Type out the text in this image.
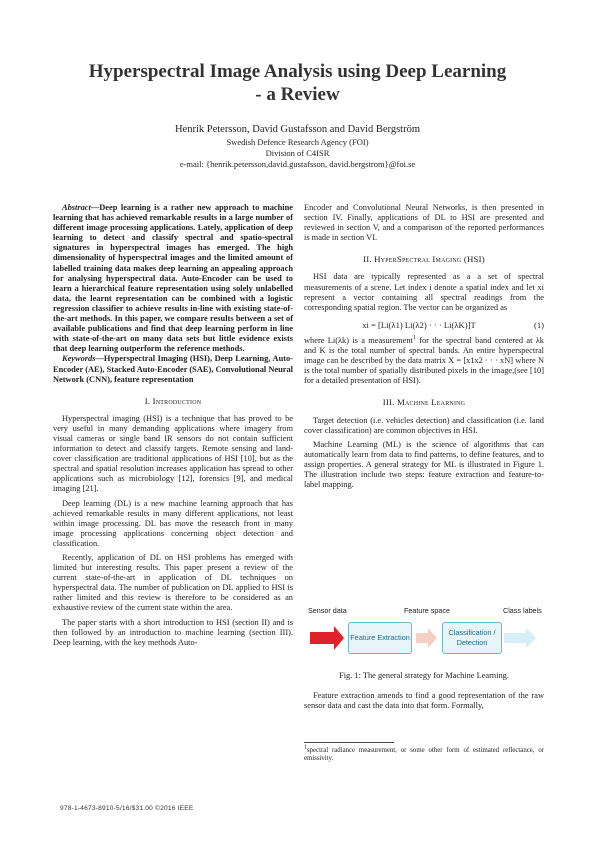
Hyperspectral Image Analysis using Deep Learning
- a Review
Henrik Petersson, David Gustafsson and David Bergström
Swedish Defence Research Agency (FOI)
Division of C4ISR
e-mail: {henrik.petersson,david.gustafsson, david.bergstrom}@foi.se

Abstract—Deep learning is a rather new approach to machine learning that has achieved remarkable results in a large number of different image processing applications. Lately, application of deep learning to detect and classify spectral and spatio-spectral signatures in hyperspectral images has emerged. The high dimensionality of hyperspectral images and the limited amount of labelled training data makes deep learning an appealing approach for analysing hyperspectral data. Auto-Encoder can be used to learn a hierarchical feature representation using solely unlabelled data, the learnt representation can be combined with a logistic regression classifier to achieve results in-line with existing state-of-the-art methods. In this paper, we compare results between a set of available publications and find that deep learning perform in line with state-of-the-art on many data sets but little evidence exists that deep learning outperform the reference methods.

Keywords—Hyperspectral Imaging (HSI), Deep Learning, Auto-Encoder (AE), Stacked Auto-Encoder (SAE), Convolutional Neural Network (CNN), feature representation

I. Introduction

Hyperspectral imaging (HSI) is a technique that has proved to be very useful in many demanding applications where imagery from visual cameras or single band IR sensors do not contain sufficient information to detect and classify targets. Remote sensing and land-cover classification are traditional applications of HSI [10], but as the spectral and spatial resolution increases application has spread to other applications such as microbiology [12], forensics [9], and medical imaging [21].

Deep learning (DL) is a new machine learning approach that has achieved remarkable results in many different applications, not least within image processing. DL has move the research front in many image processing applications concerning object detection and classification.

Recently, application of DL on HSI problems has emerged with limited but interesting results. This paper present a review of the current state-of-the-art in application of DL techniques on hyperspectral data. The number of publication on DL applied to HSI is rather limited and this review is therefore to be considered as an exhaustive review of the current state within the area.

The paper starts with a short introduction to HSI (section II) and is then followed by an introduction to machine learning (section III). Deep learning, with the key methods Auto-

Encoder and Convolutional Neural Networks, is then presented in section IV. Finally, applications of DL to HSI are presented and reviewed in section V, and a comparison of the reported performances is made in section VI.

II. HyperSpectral Imaging (HSI)

HSI data are typically represented as a a set of spectral measurements of a scene. Let index i denote a spatial index and let xi represent a vector containing all spectral readings from the corresponding spatial region. The vector can be organized as

xi = [Li(λ1) Li(λ2) · · · Li(λK)]T	(1)

where Li(λk) is a measurement$^1$ for the spectral band centered at λk and K is the total number of spectral bands. An entire hyperspectral image can be described by the data matrix X = [x1x2 · · · xN] where N is the total number of spatially distributed pixels in the image,(see [10] for a detailed presentation of HSI).

III. Machine Learning

Target detection (i.e. vehicles detection) and classification (i.e. land cover classification) are common objectives in HSI.

Machine Learning (ML) is the science of algorithms that can automatically learn from data to find patterns, to define features, and to assign properties. A general strategy for ML is illustrated in Figure 1. The illustration include two steps: feature extraction and feature-to-label mapping.

Sensor data	Feature space	Class labels
Feature Extraction
Classification / Detection
Fig. 1: The general strategy for Machine Learning.

Feature extraction amends to find a good representation of the raw sensor data and cast the data into that form. Formally,

$^1$spectral radiance measurement, or some other form of estimated reflectance, or emissivity.
978-1-4673-8910-5/16/$31.00 ©2016 IEEE
